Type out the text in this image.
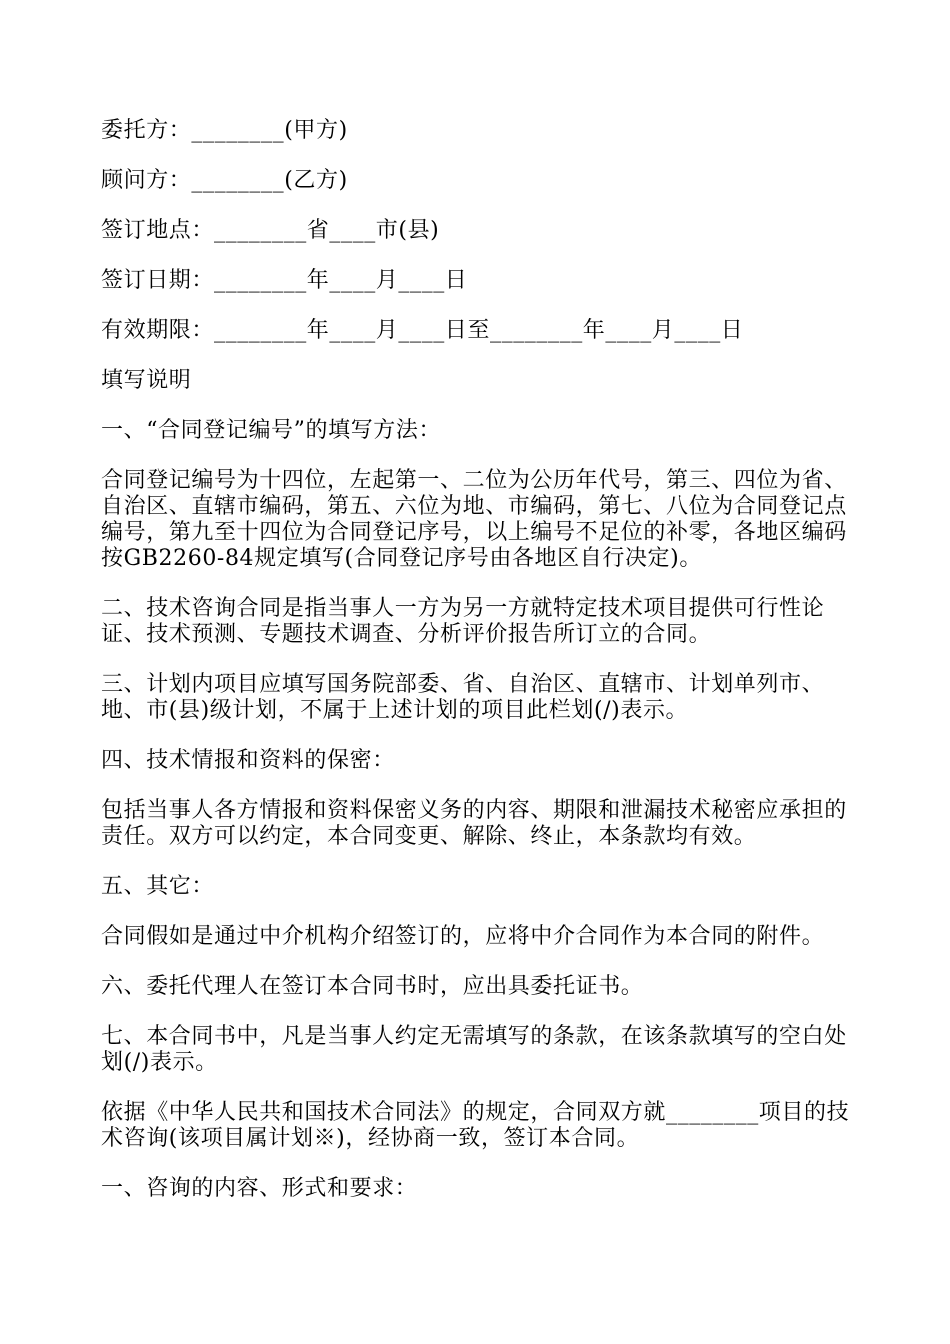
委托方：________(甲方)

顾问方：________(乙方)

签订地点：________省____市(县)

签订日期：________年____月____日

有效期限：________年____月____日至________年____月____日

填写说明

一、“合同登记编号”的填写方法：

合同登记编号为十四位，左起第一、二位为公历年代号，第三、四位为省、自治区、直辖市编码，第五、六位为地、市编码，第七、八位为合同登记点编号，第九至十四位为合同登记序号，以上编号不足位的补零，各地区编码按GB2260-84规定填写(合同登记序号由各地区自行决定)。

二、技术咨询合同是指当事人一方为另一方就特定技术项目提供可行性论证、技术预测、专题技术调查、分析评价报告所订立的合同。

三、计划内项目应填写国务院部委、省、自治区、直辖市、计划单列市、地、市(县)级计划，不属于上述计划的项目此栏划(/)表示。

四、技术情报和资料的保密：

包括当事人各方情报和资料保密义务的内容、期限和泄漏技术秘密应承担的责任。双方可以约定，本合同变更、解除、终止，本条款均有效。

五、其它：

合同假如是通过中介机构介绍签订的，应将中介合同作为本合同的附件。

六、委托代理人在签订本合同书时，应出具委托证书。

七、本合同书中，凡是当事人约定无需填写的条款，在该条款填写的空白处划(/)表示。

依据《中华人民共和国技术合同法》的规定，合同双方就________项目的技术咨询(该项目属计划※)，经协商一致，签订本合同。

一、咨询的内容、形式和要求：
